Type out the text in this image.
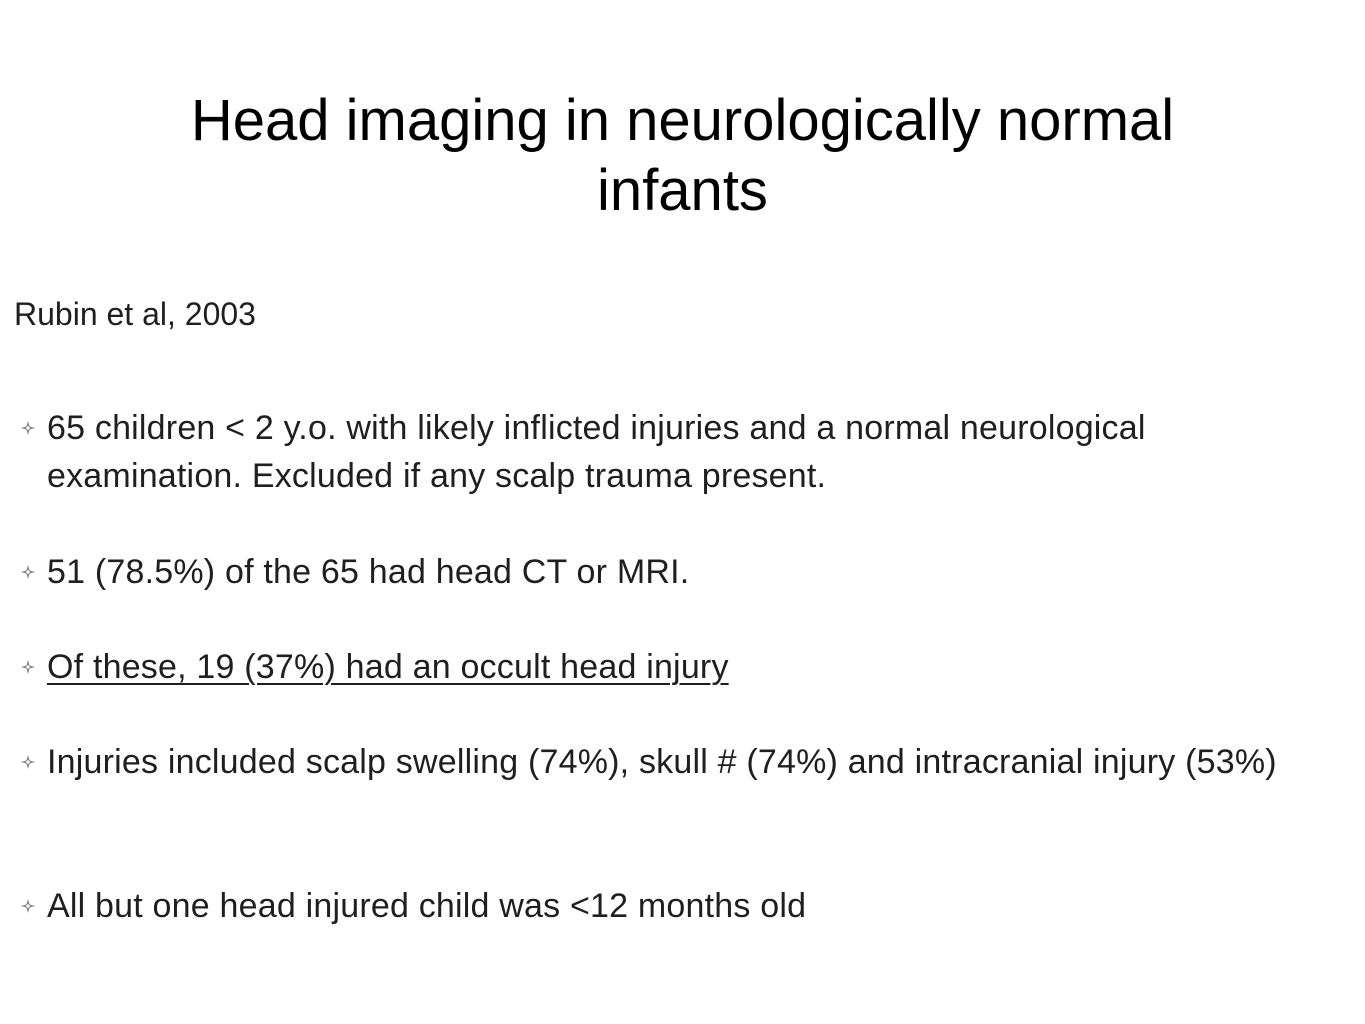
Head imaging in neurologically normal
infants

Rubin et al, 2003

65 children < 2 y.o. with likely inflicted injuries and a normal neurological examination. Excluded if any scalp trauma present.
51 (78.5%) of the 65 had head CT or MRI.
Of these, 19 (37%) had an occult head injury
Injuries included scalp swelling (74%), skull # (74%) and intracranial injury (53%)
All but one head injured child was <12 months old
